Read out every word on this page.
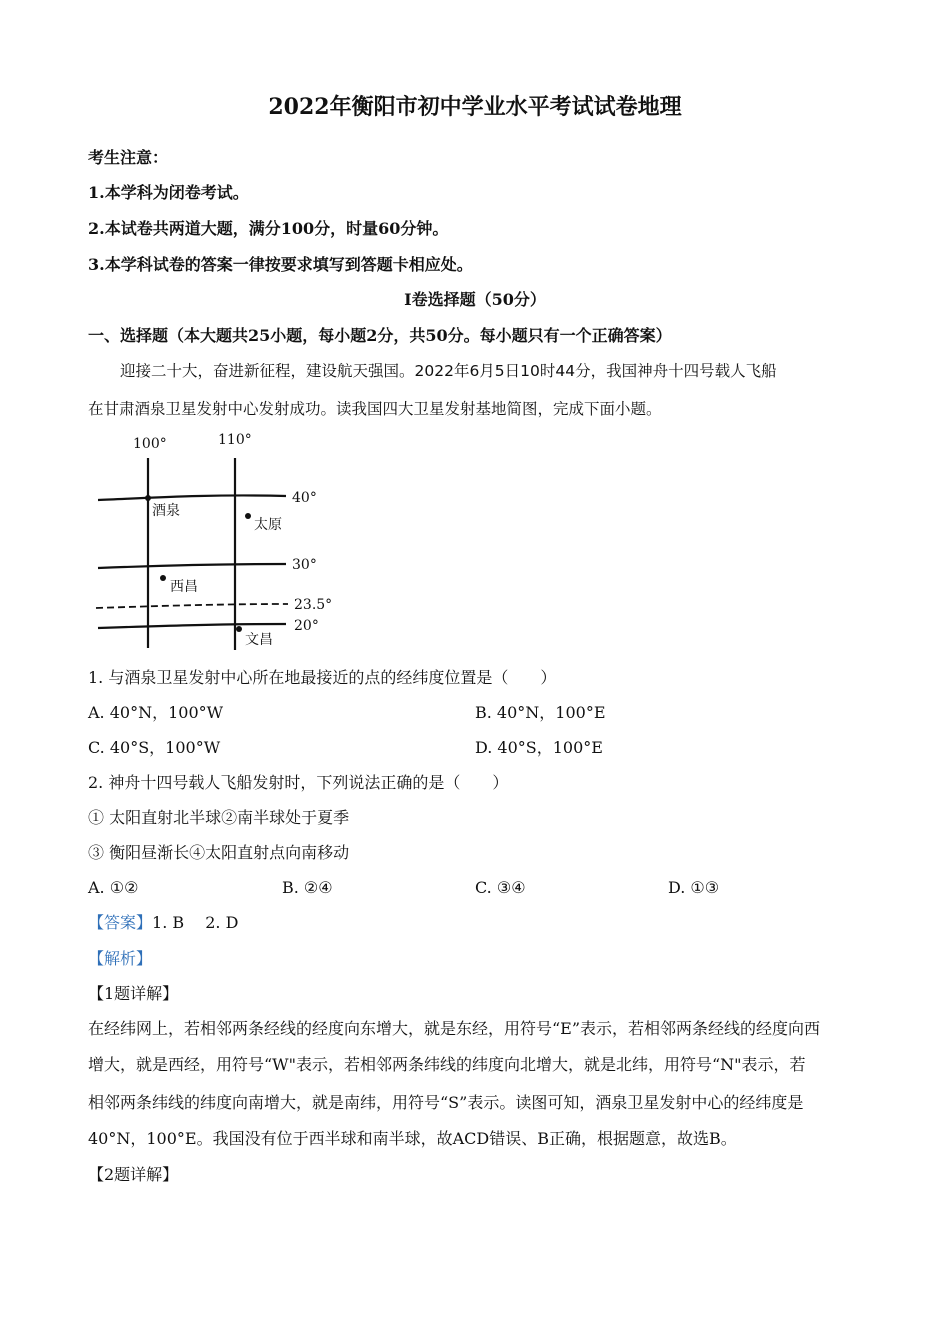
2022年衡阳市初中学业水平考试试卷地理
考生注意：
1.本学科为闭卷考试。
2.本试卷共两道大题，满分100分，时量60分钟。
3.本学科试卷的答案一律按要求填写到答题卡相应处。
I卷选择题（50分）
一、选择题（本大题共25小题，每小题2分，共50分。每小题只有一个正确答案）
迎接二十大，奋进新征程，建设航天强国。2022年6月5日10时44分，我国神舟十四号载人飞船
在甘肃酒泉卫星发射中心发射成功。读我国四大卫星发射基地简图，完成下面小题。
100°	110°
40°
30°
23.5°
20°
酒泉
太原
西昌
文昌
1. 与酒泉卫星发射中心所在地最接近的点的经纬度位置是（　　）
A. 40°N，100°W	B. 40°N，100°E
C. 40°S，100°W	D. 40°S，100°E
2. 神舟十四号载人飞船发射时，下列说法正确的是（　　）
① 太阳直射北半球②南半球处于夏季
③ 衡阳昼渐长④太阳直射点向南移动
A. ①②	B. ②④	C. ③④	D. ①③
【答案】1. B　 2. D
【解析】
【1题详解】
在经纬网上，若相邻两条经线的经度向东增大，就是东经，用符号“E”表示，若相邻两条经线的经度向西
增大，就是西经，用符号“W"表示，若相邻两条纬线的纬度向北增大，就是北纬，用符号“N"表示，若
相邻两条纬线的纬度向南增大，就是南纬，用符号“S”表示。读图可知，酒泉卫星发射中心的经纬度是
40°N，100°E。我国没有位于西半球和南半球，故ACD错误、B正确，根据题意，故选B。
【2题详解】
